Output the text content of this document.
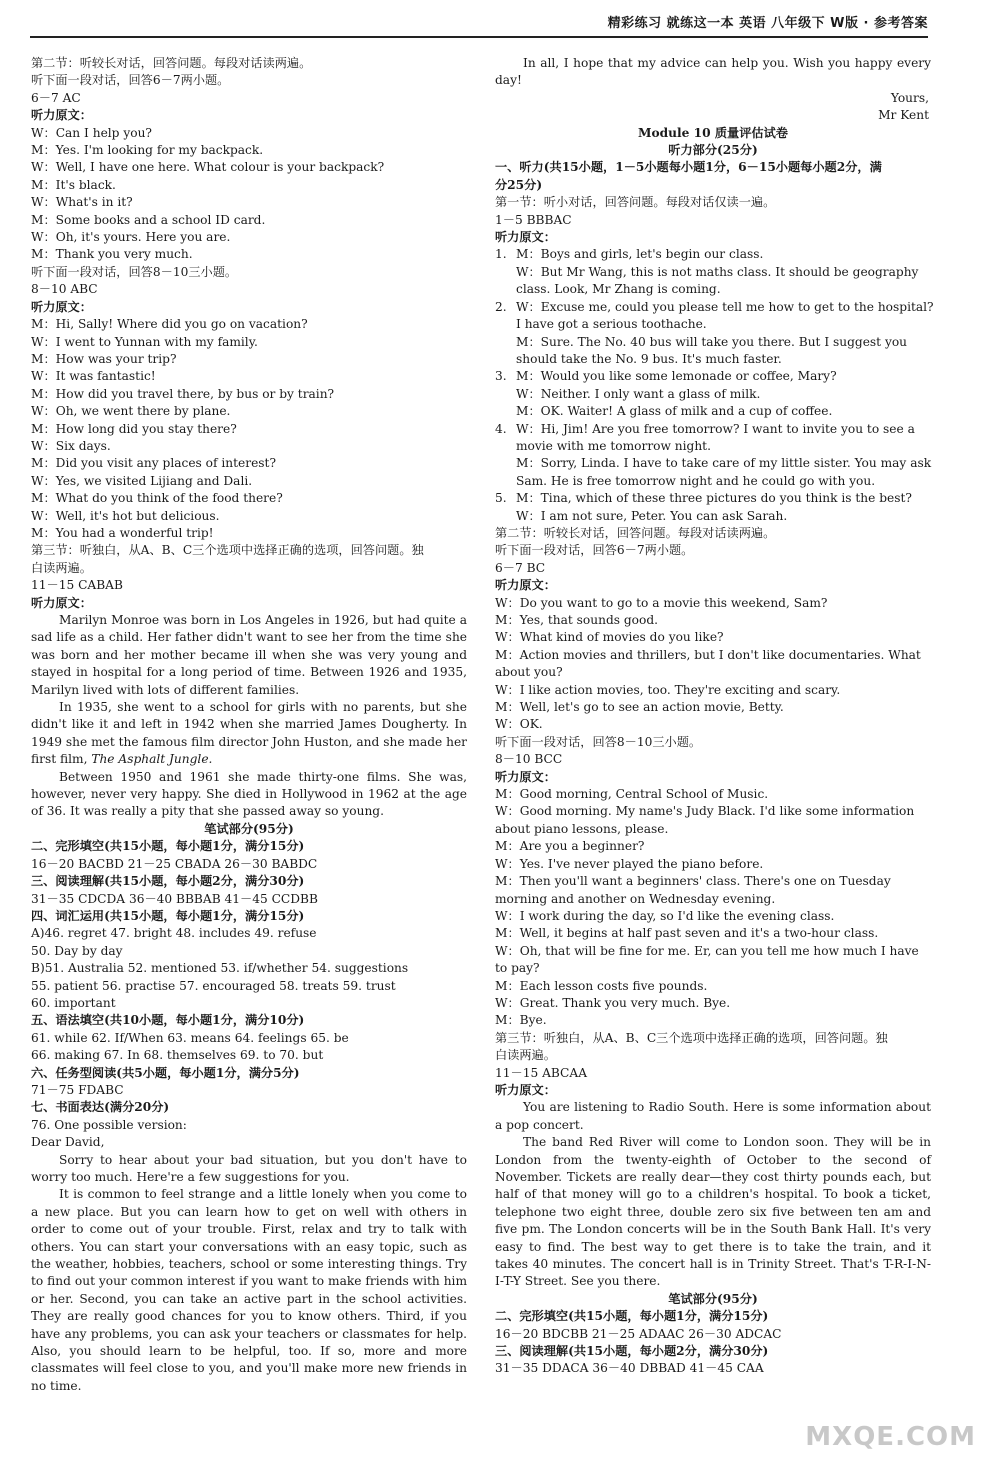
精彩练习 就练这一本 英语 八年级下 W版 · 参考答案
第二节：听较长对话，回答问题。每段对话读两遍。
听下面一段对话，回答6－7两小题。
6－7 AC
听力原文：
W：Can I help you?
M：Yes. I'm looking for my backpack.
W：Well, I have one here. What colour is your backpack?
M：It's black.
W：What's in it?
M：Some books and a school ID card.
W：Oh, it's yours. Here you are.
M：Thank you very much.
听下面一段对话，回答8－10三小题。
8－10 ABC
听力原文：
M：Hi, Sally! Where did you go on vacation?
W：I went to Yunnan with my family.
M：How was your trip?
W：It was fantastic!
M：How did you travel there, by bus or by train?
W：Oh, we went there by plane.
M：How long did you stay there?
W：Six days.
M：Did you visit any places of interest?
W：Yes, we visited Lijiang and Dali.
M：What do you think of the food there?
W：Well, it's hot but delicious.
M：You had a wonderful trip!
第三节：听独白，从A、B、C三个选项中选择正确的选项，回答问题。独
白读两遍。
11－15 CABAB
听力原文：
Marilyn Monroe was born in Los Angeles in 1926, but had quite a sad life as a child. Her father didn't want to see her from the time she was born and her mother became ill when she was very young and stayed in hospital for a long period of time. Between 1926 and 1935, Marilyn lived with lots of different families.
In 1935, she went to a school for girls with no parents, but she didn't like it and left in 1942 when she married James Dougherty. In 1949 she met the famous film director John Huston, and she made her first film, The Asphalt Jungle.
Between 1950 and 1961 she made thirty-one films. She was, however, never very happy. She died in Hollywood in 1962 at the age of 36. It was really a pity that she passed away so young.
笔试部分(95分)
二、完形填空(共15小题，每小题1分，满分15分)
16－20 BACBD 21－25 CBADA 26－30 BABDC
三、阅读理解(共15小题，每小题2分，满分30分)
31－35 CDCDA 36－40 BBBAB 41－45 CCDBB
四、词汇运用(共15小题，每小题1分，满分15分)
A)46. regret 47. bright 48. includes 49. refuse
50. Day by day
B)51. Australia 52. mentioned 53. if/whether 54. suggestions
55. patient 56. practise 57. encouraged 58. treats 59. trust
60. important
五、语法填空(共10小题，每小题1分，满分10分)
61. while 62. If/When 63. means 64. feelings 65. be
66. making 67. In 68. themselves 69. to 70. but
六、任务型阅读(共5小题，每小题1分，满分5分)
71－75 FDABC
七、书面表达(满分20分)
76. One possible version:
Dear David,
Sorry to hear about your bad situation, but you don't have to worry too much. Here're a few suggestions for you.
It is common to feel strange and a little lonely when you come to a new place. But you can learn how to get on well with others in order to come out of your trouble. First, relax and try to talk with others. You can start your conversations with an easy topic, such as the weather, hobbies, teachers, school or some interesting things. Try to find out your common interest if you want to make friends with him or her. Second, you can take an active part in the school activities. They are really good chances for you to know others. Third, if you have any problems, you can ask your teachers or classmates for help. Also, you should learn to be helpful, too. If so, more and more classmates will feel close to you, and you'll make more new friends in no time.
In all, I hope that my advice can help you. Wish you happy every day!
Yours,
Mr Kent
Module 10 质量评估试卷
听力部分(25分)
一、听力(共15小题，1－5小题每小题1分，6－15小题每小题2分，满
分25分)
第一节：听小对话，回答问题。每段对话仅读一遍。
1－5 BBBAC
听力原文：
1. M：Boys and girls, let's begin our class.
W：But Mr Wang, this is not maths class. It should be geography
class. Look, Mr Zhang is coming.
2. W：Excuse me, could you please tell me how to get to the hospital?
I have got a serious toothache.
M：Sure. The No. 40 bus will take you there. But I suggest you
should take the No. 9 bus. It's much faster.
3. M：Would you like some lemonade or coffee, Mary?
W：Neither. I only want a glass of milk.
M：OK. Waiter! A glass of milk and a cup of coffee.
4. W：Hi, Jim! Are you free tomorrow? I want to invite you to see a
movie with me tomorrow night.
M：Sorry, Linda. I have to take care of my little sister. You may ask
Sam. He is free tomorrow night and he could go with you.
5. M：Tina, which of these three pictures do you think is the best?
W：I am not sure, Peter. You can ask Sarah.
第二节：听较长对话，回答问题。每段对话读两遍。
听下面一段对话，回答6－7两小题。
6－7 BC
听力原文：
W：Do you want to go to a movie this weekend, Sam?
M：Yes, that sounds good.
W：What kind of movies do you like?
M：Action movies and thrillers, but I don't like documentaries. What
about you?
W：I like action movies, too. They're exciting and scary.
M：Well, let's go to see an action movie, Betty.
W：OK.
听下面一段对话，回答8－10三小题。
8－10 BCC
听力原文：
M：Good morning, Central School of Music.
W：Good morning. My name's Judy Black. I'd like some information
about piano lessons, please.
M：Are you a beginner?
W：Yes. I've never played the piano before.
M：Then you'll want a beginners' class. There's one on Tuesday
morning and another on Wednesday evening.
W：I work during the day, so I'd like the evening class.
M：Well, it begins at half past seven and it's a two-hour class.
W：Oh, that will be fine for me. Er, can you tell me how much I have
to pay?
M：Each lesson costs five pounds.
W：Great. Thank you very much. Bye.
M：Bye.
第三节：听独白，从A、B、C三个选项中选择正确的选项，回答问题。独
白读两遍。
11－15 ABCAA
听力原文：
You are listening to Radio South. Here is some information about a pop concert.
The band Red River will come to London soon. They will be in London from the twenty-eighth of October to the second of November. Tickets are really dear—they cost thirty pounds each, but half of that money will go to a children's hospital. To book a ticket, telephone two eight three, double zero six five between ten am and five pm. The London concerts will be in the South Bank Hall. It's very easy to find. The best way to get there is to take the train, and it takes 40 minutes. The concert hall is in Trinity Street. That's T-R-I-N-I-T-Y Street. See you there.
笔试部分(95分)
二、完形填空(共15小题，每小题1分，满分15分)
16－20 BDCBB 21－25 ADAAC 26－30 ADCAC
三、阅读理解(共15小题，每小题2分，满分30分)
31－35 DDACA 36－40 DBBAD 41－45 CAA
MXQE.COM
